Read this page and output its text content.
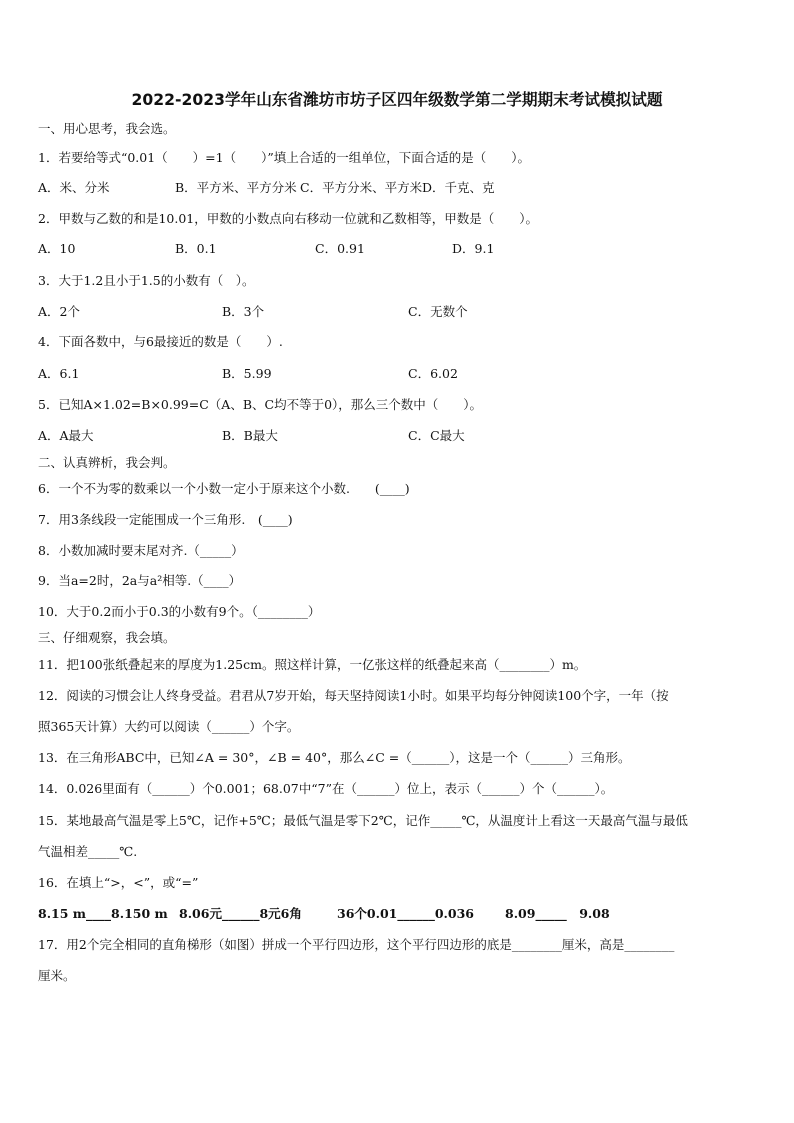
2022-2023学年山东省潍坊市坊子区四年级数学第二学期期末考试模拟试题
一、用心思考，我会选。
1．若要给等式“0.01（　　）=1（　　）”填上合适的一组单位，下面合适的是（　　）。
A．米、分米	B．平方米、平方分米 C．平方分米、平方米 D．千克、克
2．甲数与乙数的和是10.01，甲数的小数点向右移动一位就和乙数相等，甲数是（　　）。
A．10	B．0.1	C．0.91	D．9.1
3．大于1.2且小于1.5的小数有（　）。
A．2个	B．3个	C．无数个
4．下面各数中，与6最接近的数是（　　）.
A．6.1	B．5.99	C．6.02
5．已知A×1.02=B×0.99=C（A、B、C均不等于0），那么三个数中（　　）。
A．A最大	B．B最大	C．C最大
二、认真辨析，我会判。
6．一个不为零的数乘以一个小数一定小于原来这个小数.　　(____)
7．用3条线段一定能围成一个三角形.　(____)
8．小数加减时要末尾对齐.（_____）
9．当a=2时，2a与a²相等.（____）
10．大于0.2而小于0.3的小数有9个。（________）
三、仔细观察，我会填。
11．把100张纸叠起来的厚度为1.25cm。照这样计算，一亿张这样的纸叠起来高（________）m。
12．阅读的习惯会让人终身受益。君君从7岁开始，每天坚持阅读1小时。如果平均每分钟阅读100个字，一年（按
照365天计算）大约可以阅读（______）个字。
13．在三角形ABC中，已知∠A = 30°，∠B = 40°，那么∠C =（______），这是一个（______）三角形。
14．0.026里面有（______）个0.001；68.07中“7”在（______）位上，表示（______）个（______）。
15．某地最高气温是零上5℃，记作+5℃；最低气温是零下2℃，记作_____℃，从温度计上看这一天最高气温与最低
气温相差_____℃.
16．在填上“>，<”，或“=”
8.15 m____8.150 m 8.06元______8元6角	36个0.01______0.036 8.09_____　9.08
17．用2个完全相同的直角梯形（如图）拼成一个平行四边形，这个平行四边形的底是________厘米，高是________
厘米。
